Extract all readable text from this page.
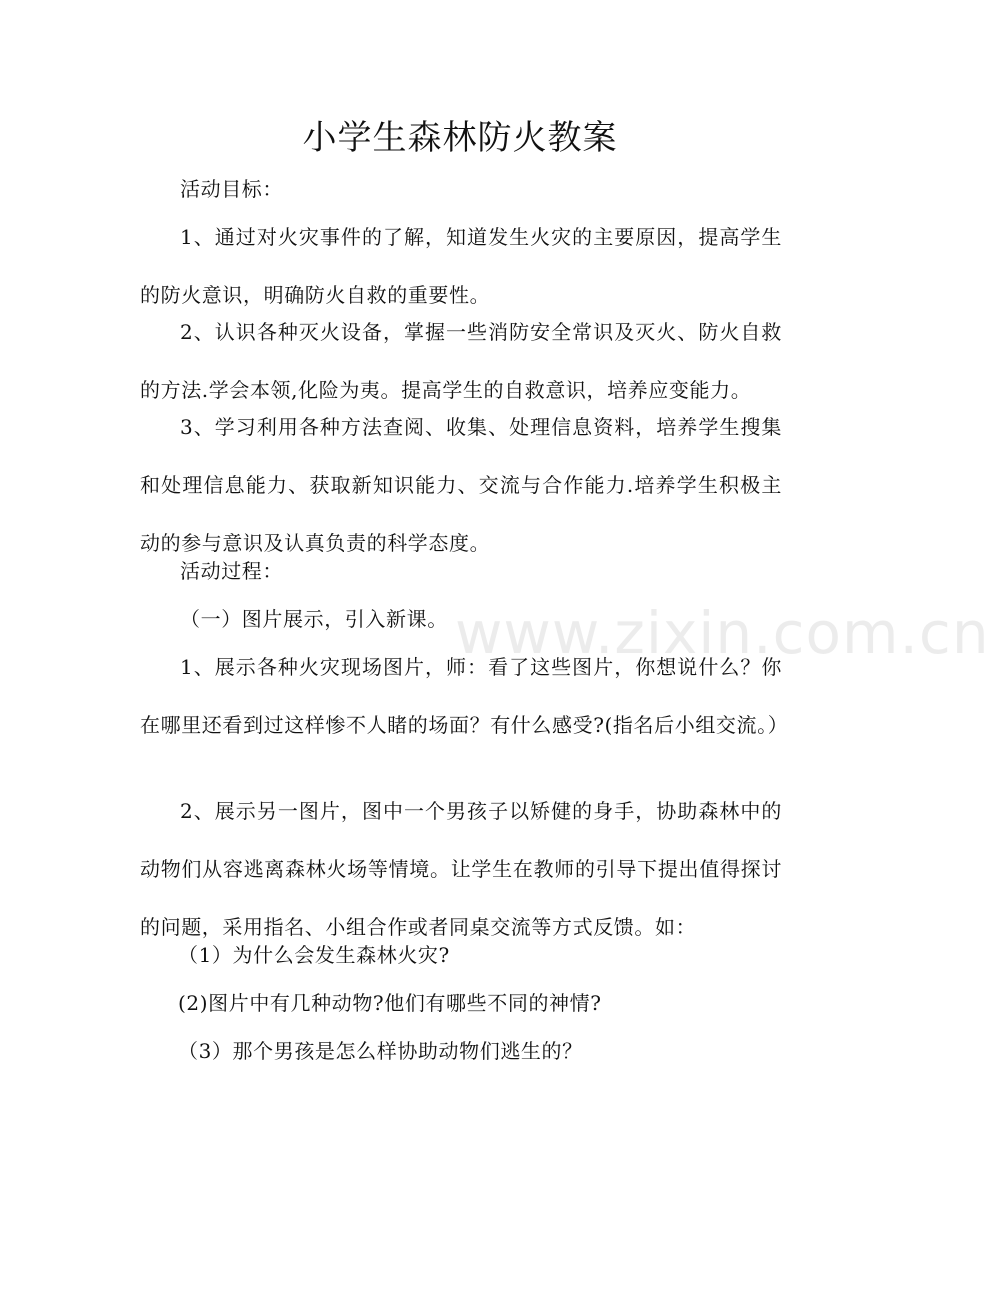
小学生森林防火教案

活动目标：

1、通过对火灾事件的了解，知道发生火灾的主要原因，提高学生的防火意识，明确防火自救的重要性。

2、认识各种灭火设备，掌握一些消防安全常识及灭火、防火自救的方法.学会本领,化险为夷。提高学生的自救意识，培养应变能力。

3、学习利用各种方法查阅、收集、处理信息资料，培养学生搜集和处理信息能力、获取新知识能力、交流与合作能力.培养学生积极主动的参与意识及认真负责的科学态度。

活动过程：

（一）图片展示，引入新课。

1、展示各种火灾现场图片，师：看了这些图片，你想说什么？你在哪里还看到过这样惨不人睹的场面？有什么感受?(指名后小组交流。）

2、展示另一图片，图中一个男孩子以矫健的身手，协助森林中的动物们从容逃离森林火场等情境。让学生在教师的引导下提出值得探讨的问题，采用指名、小组合作或者同桌交流等方式反馈。如：

（1）为什么会发生森林火灾?

(2)图片中有几种动物?他们有哪些不同的神情?

（3）那个男孩是怎么样协助动物们逃生的？

www.zixin.com.cn
